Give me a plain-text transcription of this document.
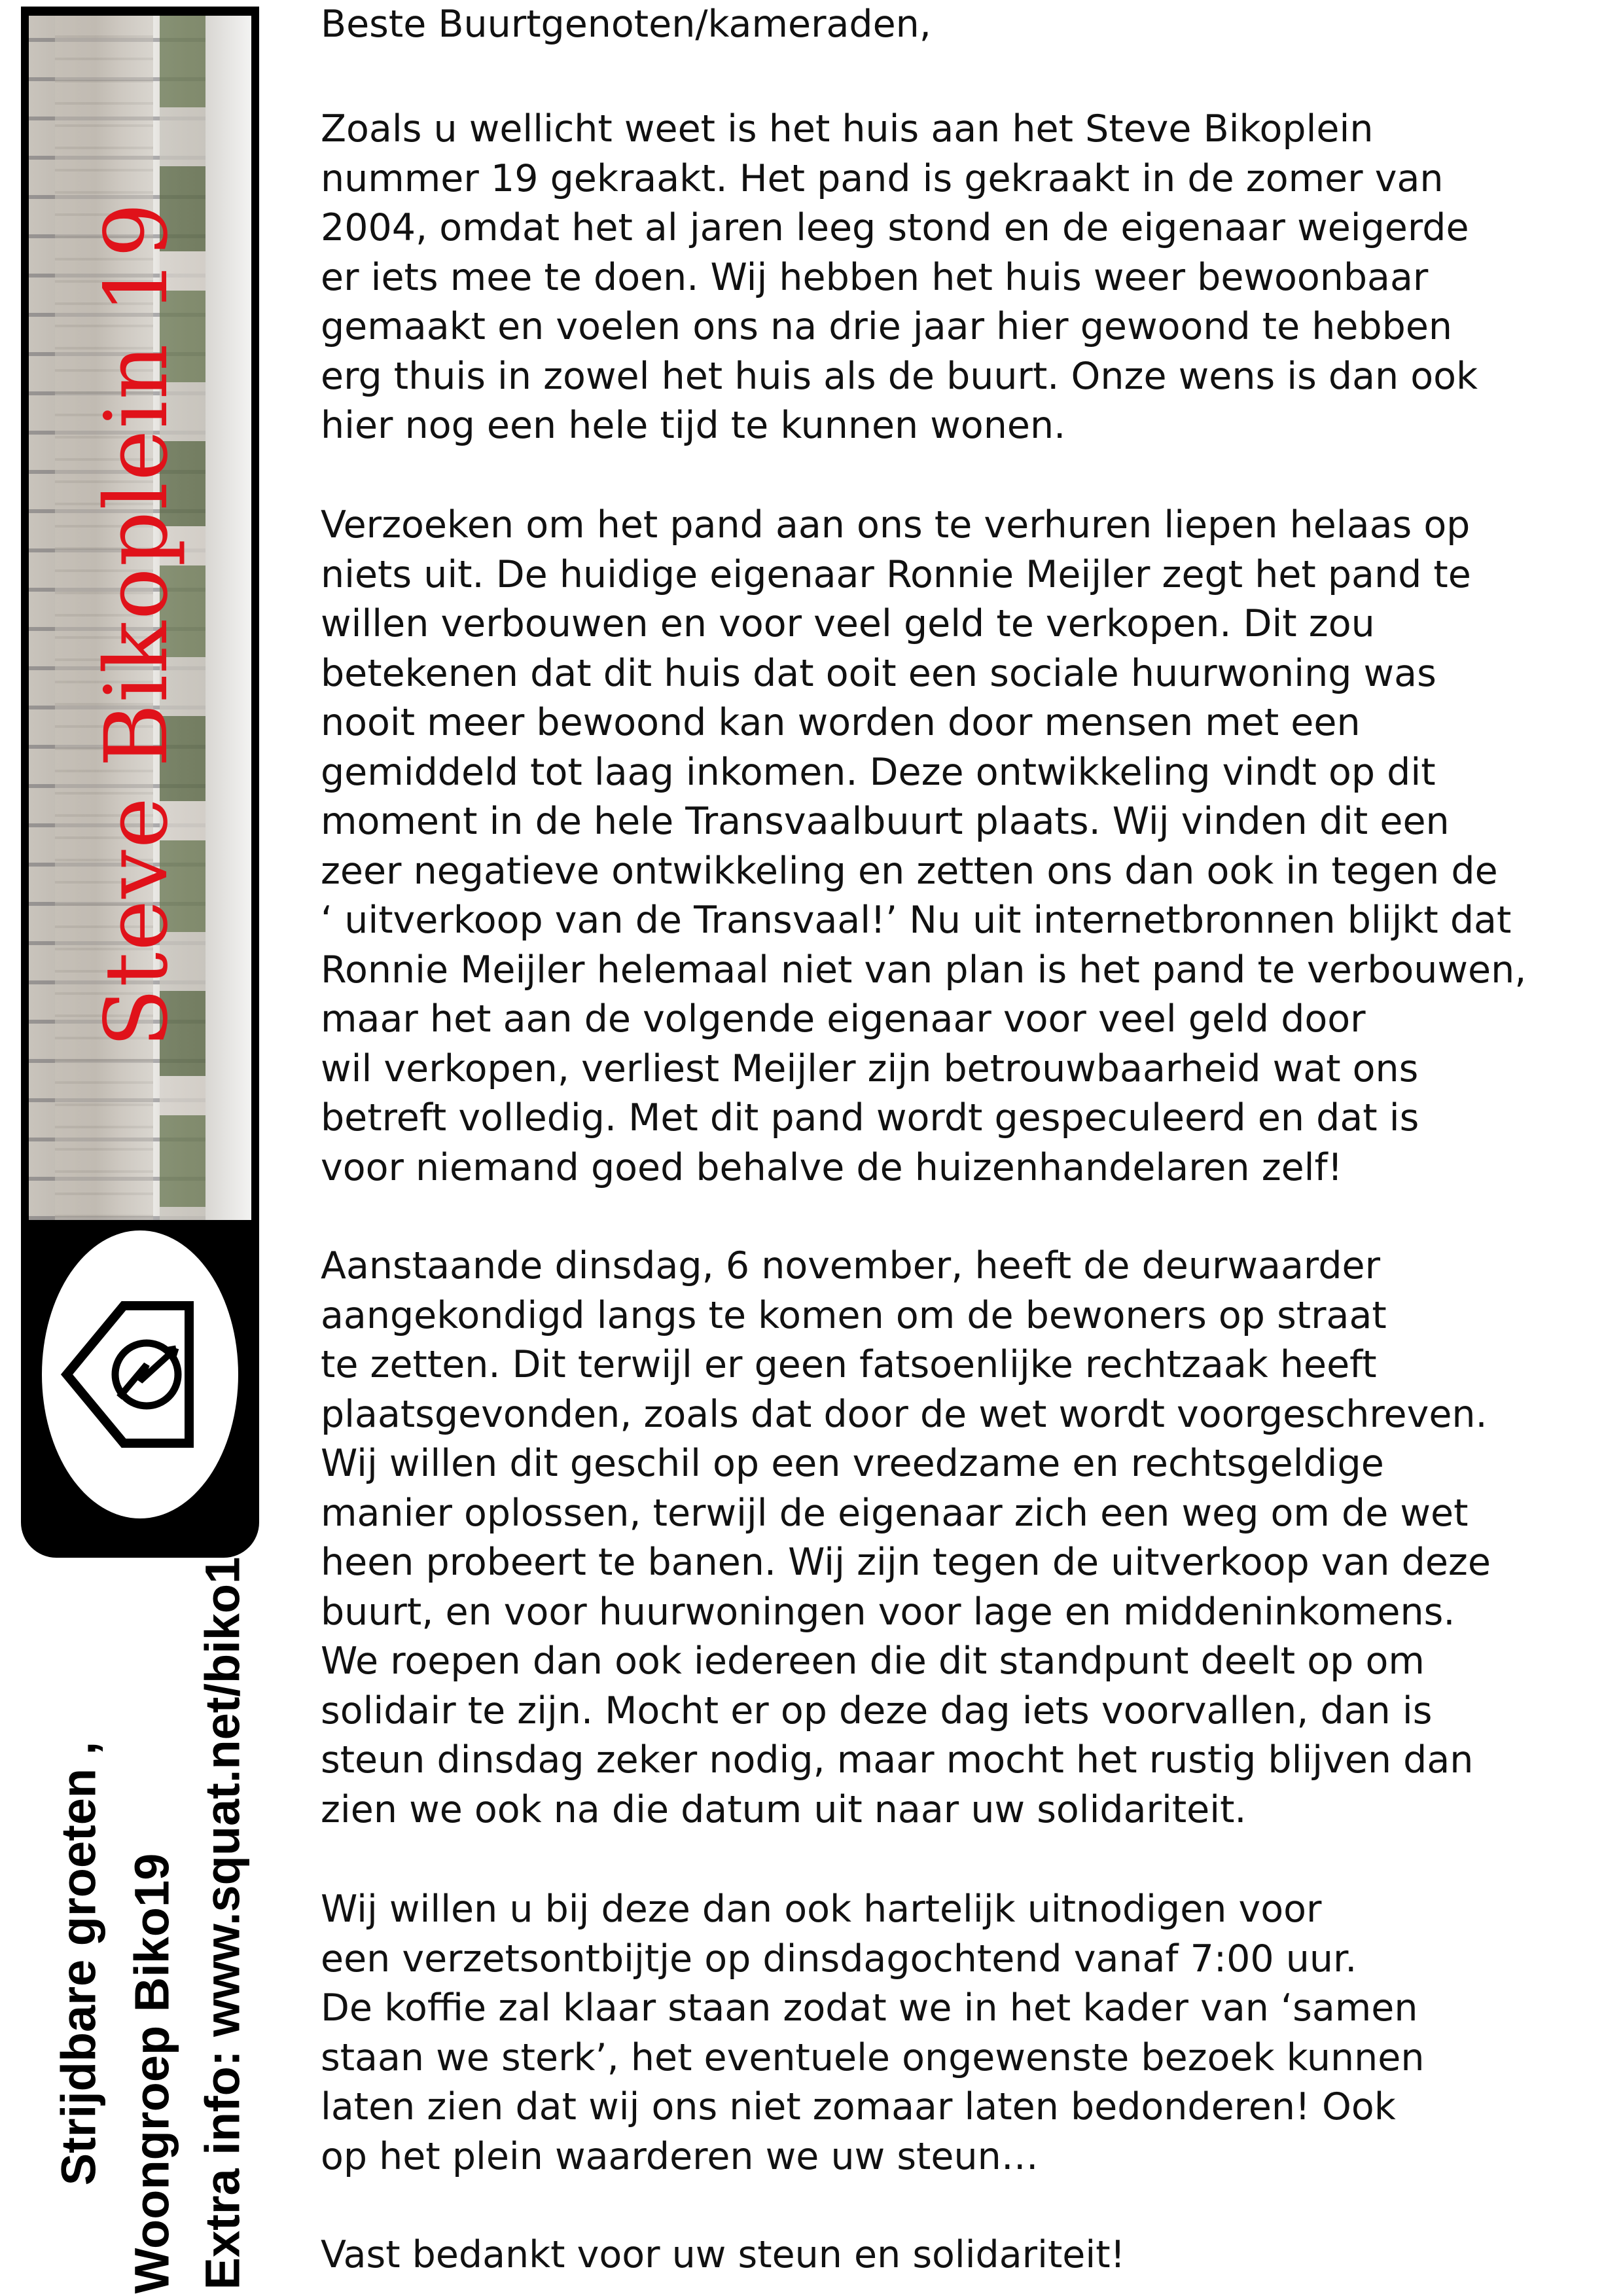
Steve Bikoplein 19
Strijdbare groeten , Woongroep Biko19 Extra info: www.squat.net/biko19

Beste Buurtgenoten/kameraden,

Zoals u wellicht weet is het huis aan het Steve Bikoplein
nummer 19 gekraakt. Het pand is gekraakt in de zomer van
2004, omdat het al jaren leeg stond en de eigenaar weigerde
er iets mee te doen. Wij hebben het huis weer bewoonbaar
gemaakt en voelen ons na drie jaar hier gewoond te hebben
erg thuis in zowel het huis als de buurt. Onze wens is dan ook
hier nog een hele tijd te kunnen wonen.

Verzoeken om het pand aan ons te verhuren liepen helaas op
niets uit. De huidige eigenaar Ronnie Meijler zegt het pand te
willen verbouwen en voor veel geld te verkopen. Dit zou
betekenen dat dit huis dat ooit een sociale huurwoning was
nooit meer bewoond kan worden door mensen met een
gemiddeld tot laag inkomen. Deze ontwikkeling vindt op dit
moment in de hele Transvaalbuurt plaats. Wij vinden dit een
zeer negatieve ontwikkeling en zetten ons dan ook in tegen de
‘ uitverkoop van de Transvaal!’ Nu uit internetbronnen blijkt dat
Ronnie Meijler helemaal niet van plan is het pand te verbouwen,
maar het aan de volgende eigenaar voor veel geld door
wil verkopen, verliest Meijler zijn betrouwbaarheid wat ons
betreft volledig. Met dit pand wordt gespeculeerd en dat is
voor niemand goed behalve de huizenhandelaren zelf!

Aanstaande dinsdag, 6 november, heeft de deurwaarder
aangekondigd langs te komen om de bewoners op straat
te zetten. Dit terwijl er geen fatsoenlijke rechtzaak heeft
plaatsgevonden, zoals dat door de wet wordt voorgeschreven.
Wij willen dit geschil op een vreedzame en rechtsgeldige
manier oplossen, terwijl de eigenaar zich een weg om de wet
heen probeert te banen. Wij zijn tegen de uitverkoop van deze
buurt, en voor huurwoningen voor lage en middeninkomens.
We roepen dan ook iedereen die dit standpunt deelt op om
solidair te zijn. Mocht er op deze dag iets voorvallen, dan is
steun dinsdag zeker nodig, maar mocht het rustig blijven dan
zien we ook na die datum uit naar uw solidariteit.

Wij willen u bij deze dan ook hartelijk uitnodigen voor
een verzetsontbijtje op dinsdagochtend vanaf 7:00 uur.
De koffie zal klaar staan zodat we in het kader van ‘samen
staan we sterk’, het eventuele ongewenste bezoek kunnen
laten zien dat wij ons niet zomaar laten bedonderen! Ook
op het plein waarderen we uw steun…

Vast bedankt voor uw steun en solidariteit!
